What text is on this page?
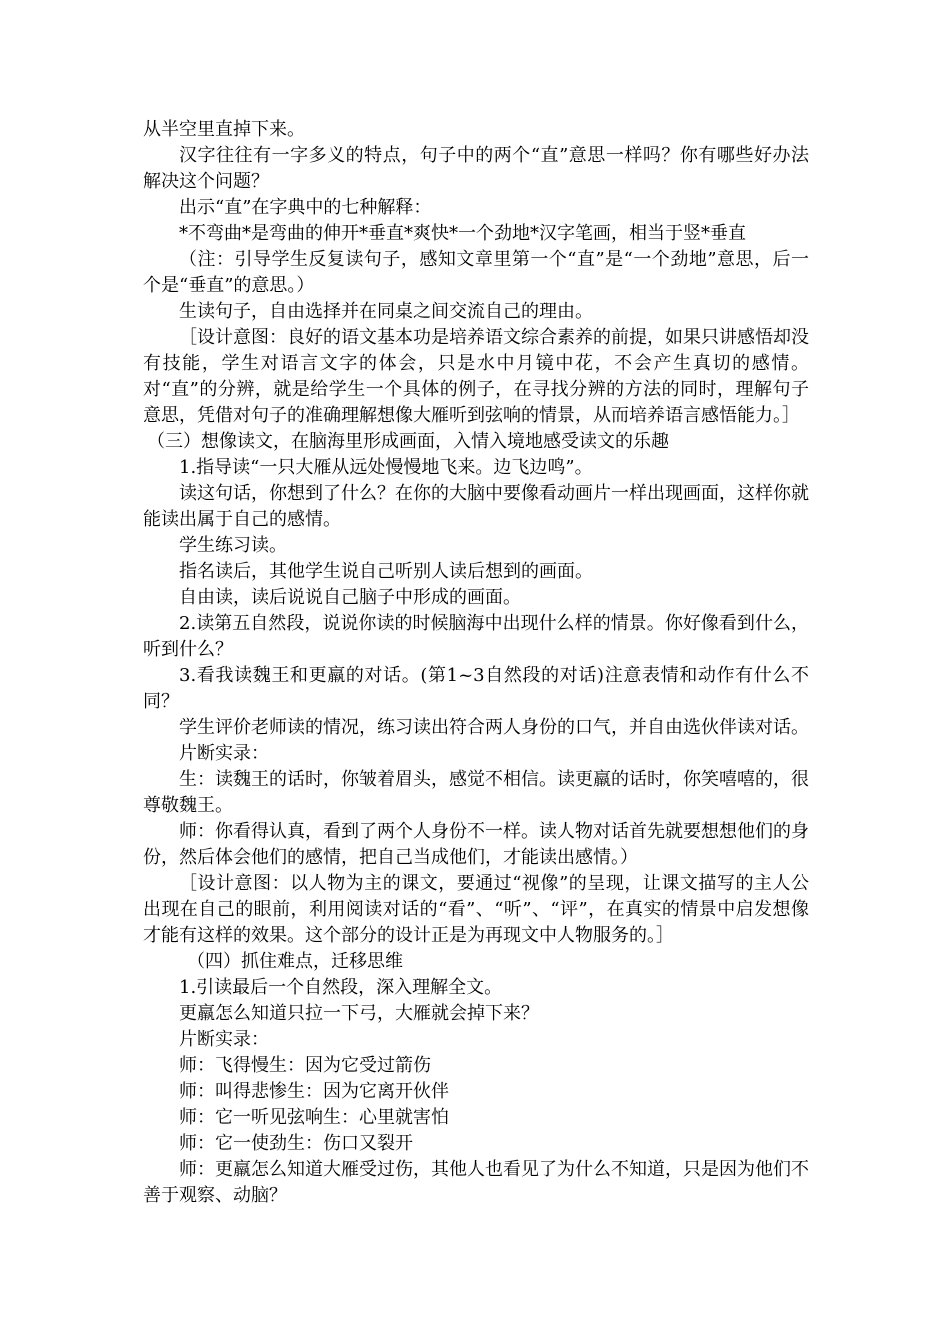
从半空里直掉下来。

汉字往往有一字多义的特点，句子中的两个“直”意思一样吗？你有哪些好办法解决这个问题？

出示“直”在字典中的七种解释：

*不弯曲*是弯曲的伸开*垂直*爽快*一个劲地*汉字笔画，相当于竖*垂直

（注：引导学生反复读句子，感知文章里第一个“直”是“一个劲地”意思，后一个是“垂直”的意思。）

生读句子，自由选择并在同桌之间交流自己的理由。

［设计意图：良好的语文基本功是培养语文综合素养的前提，如果只讲感悟却没有技能，学生对语言文字的体会，只是水中月镜中花，不会产生真切的感情。对“直”的分辨，就是给学生一个具体的例子，在寻找分辨的方法的同时，理解句子意思，凭借对句子的准确理解想像大雁听到弦响的情景，从而培养语言感悟能力。］

（三）想像读文，在脑海里形成画面，入情入境地感受读文的乐趣

1.指导读“一只大雁从远处慢慢地飞来。边飞边鸣”。

读这句话，你想到了什么？在你的大脑中要像看动画片一样出现画面，这样你就能读出属于自己的感情。

学生练习读。

指名读后，其他学生说自己听别人读后想到的画面。

自由读，读后说说自己脑子中形成的画面。

2.读第五自然段，说说你读的时候脑海中出现什么样的情景。你好像看到什么，听到什么？

3.看我读魏王和更羸的对话。(第1~3自然段的对话)注意表情和动作有什么不同？

学生评价老师读的情况，练习读出符合两人身份的口气，并自由选伙伴读对话。

片断实录：

生：读魏王的话时，你皱着眉头，感觉不相信。读更羸的话时，你笑嘻嘻的，很尊敬魏王。

师：你看得认真，看到了两个人身份不一样。读人物对话首先就要想想他们的身份，然后体会他们的感情，把自己当成他们，才能读出感情。）

［设计意图：以人物为主的课文，要通过“视像”的呈现，让课文描写的主人公出现在自己的眼前，利用阅读对话的“看”、“听”、“评”，在真实的情景中启发想像才能有这样的效果。这个部分的设计正是为再现文中人物服务的。］

（四）抓住难点，迁移思维

1.引读最后一个自然段，深入理解全文。

更羸怎么知道只拉一下弓，大雁就会掉下来？

片断实录：

师：飞得慢生：因为它受过箭伤

师：叫得悲惨生：因为它离开伙伴

师：它一听见弦响生：心里就害怕

师：它一使劲生：伤口又裂开

师：更羸怎么知道大雁受过伤，其他人也看见了为什么不知道，只是因为他们不善于观察、动脑？
